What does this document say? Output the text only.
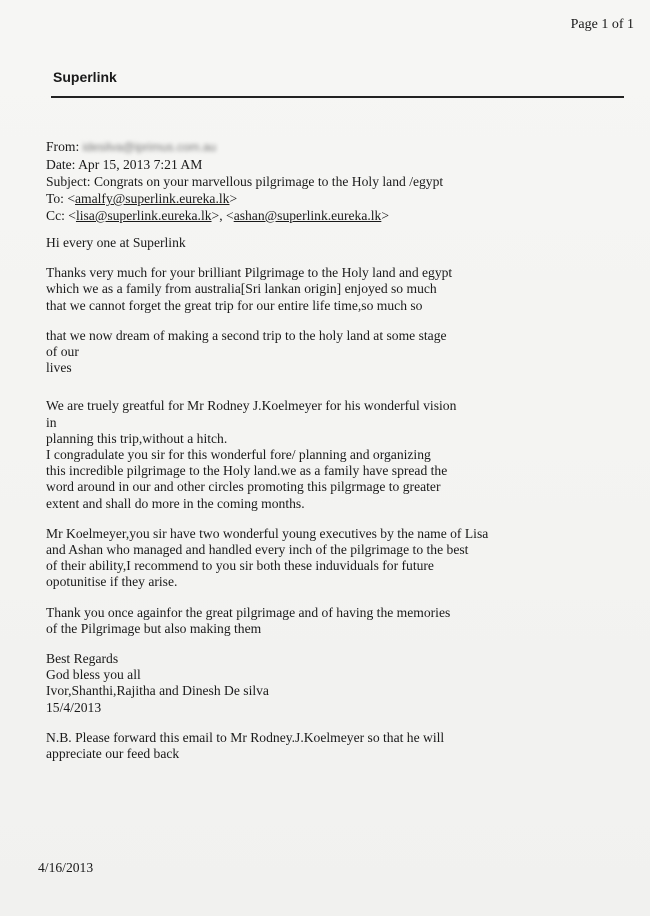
Page 1 of 1
Superlink
From: idesilva@iprimus.com.au
Date: Apr 15, 2013 7:21 AM
Subject: Congrats on your marvellous pilgrimage to the Holy land /egypt
To: <amalfy@superlink.eureka.lk>
Cc: <lisa@superlink.eureka.lk>, <ashan@superlink.eureka.lk>

Hi every one at Superlink

Thanks very much for your brilliant Pilgrimage to the Holy land and egypt
which we as a family from australia[Sri lankan origin] enjoyed so much
that we cannot forget the great trip for our entire life time,so much so

that we now dream of making a second trip to the holy land at some stage
of our
lives

We are truely greatful for Mr Rodney J.Koelmeyer for his wonderful vision
in
planning this trip,without a hitch.
I congradulate you sir for this wonderful fore/ planning and organizing
this incredible pilgrimage to the Holy land.we as a family have spread the
word around in our and other circles promoting this pilgrmage to greater
extent and shall do more in the coming months.

Mr Koelmeyer,you sir have two wonderful young executives by the name of Lisa
and Ashan who managed and handled every inch of the pilgrimage to the best
of their ability,I recommend to you sir both these induviduals for future
opotunitise if they arise.

Thank you once againfor the great pilgrimage and of having the memories
of the Pilgrimage but also making them

Best Regards
God bless you all
Ivor,Shanthi,Rajitha and Dinesh De silva
15/4/2013

N.B. Please forward this email to Mr Rodney.J.Koelmeyer so that he will
appreciate our feed back

4/16/2013
